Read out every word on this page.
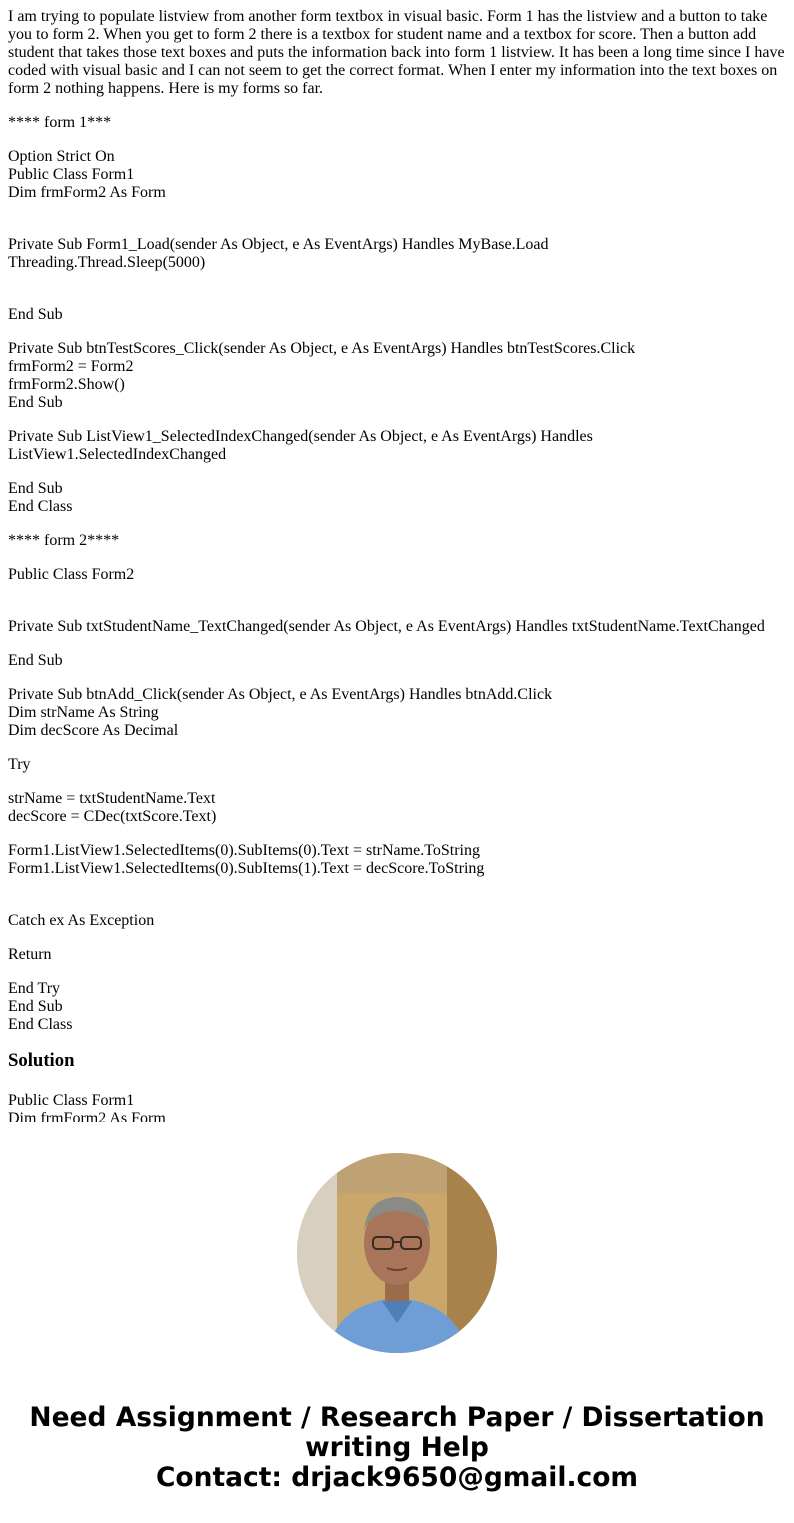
I am trying to populate listview from another form textbox in visual basic. Form 1 has the listview and a button to take you to form 2. When you get to form 2 there is a textbox for student name and a textbox for score. Then a button add student that takes those text boxes and puts the information back into form 1 listview. It has been a long time since I have coded with visual basic and I can not seem to get the correct format. When I enter my information into the text boxes on form 2 nothing happens. Here is my forms so far.

**** form 1***

Option Strict On
Public Class Form1
Dim frmForm2 As Form

Private Sub Form1_Load(sender As Object, e As EventArgs) Handles MyBase.Load
Threading.Thread.Sleep(5000)

End Sub

Private Sub btnTestScores_Click(sender As Object, e As EventArgs) Handles btnTestScores.Click
frmForm2 = Form2
frmForm2.Show()
End Sub

Private Sub ListView1_SelectedIndexChanged(sender As Object, e As EventArgs) Handles
ListView1.SelectedIndexChanged

End Sub
End Class

**** form 2****

Public Class Form2

Private Sub txtStudentName_TextChanged(sender As Object, e As EventArgs) Handles txtStudentName.TextChanged

End Sub

Private Sub btnAdd_Click(sender As Object, e As EventArgs) Handles btnAdd.Click
Dim strName As String
Dim decScore As Decimal

Try

strName = txtStudentName.Text
decScore = CDec(txtScore.Text)

Form1.ListView1.SelectedItems(0).SubItems(0).Text = strName.ToString
Form1.ListView1.SelectedItems(0).SubItems(1).Text = decScore.ToString

Catch ex As Exception

Return

End Try
End Sub
End Class

Solution

Public Class Form1
Dim frmForm2 As Form

Need Assignment / Research Paper / Dissertation
writing Help
Contact: drjack9650@gmail.com
